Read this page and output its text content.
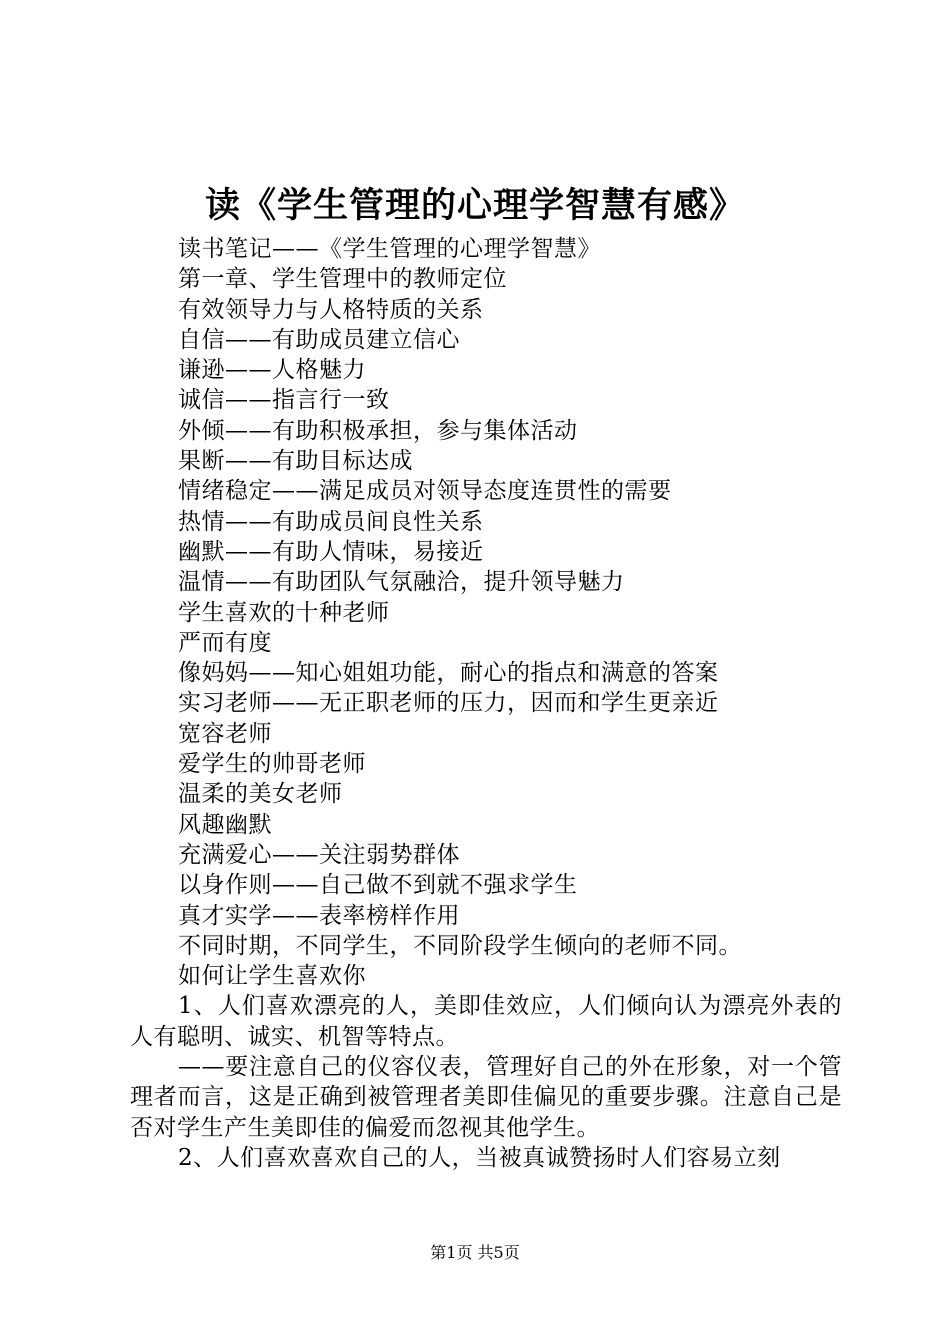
读《学生管理的心理学智慧有感》
读书笔记——《学生管理的心理学智慧》
第一章、学生管理中的教师定位
有效领导力与人格特质的关系
自信——有助成员建立信心
谦逊——人格魅力
诚信——指言行一致
外倾——有助积极承担，参与集体活动
果断——有助目标达成
情绪稳定——满足成员对领导态度连贯性的需要
热情——有助成员间良性关系
幽默——有助人情味，易接近
温情——有助团队气氛融洽，提升领导魅力
学生喜欢的十种老师
严而有度
像妈妈——知心姐姐功能，耐心的指点和满意的答案
实习老师——无正职老师的压力，因而和学生更亲近
宽容老师
爱学生的帅哥老师
温柔的美女老师
风趣幽默
充满爱心——关注弱势群体
以身作则——自己做不到就不强求学生
真才实学——表率榜样作用
不同时期，不同学生，不同阶段学生倾向的老师不同。
如何让学生喜欢你

1、人们喜欢漂亮的人，美即佳效应，人们倾向认为漂亮外表的人有聪明、诚实、机智等特点。

——要注意自己的仪容仪表，管理好自己的外在形象，对一个管理者而言，这是正确到被管理者美即佳偏见的重要步骤。注意自己是否对学生产生美即佳的偏爱而忽视其他学生。

2、人们喜欢喜欢自己的人，当被真诚赞扬时人们容易立刻

第1页 共5页
